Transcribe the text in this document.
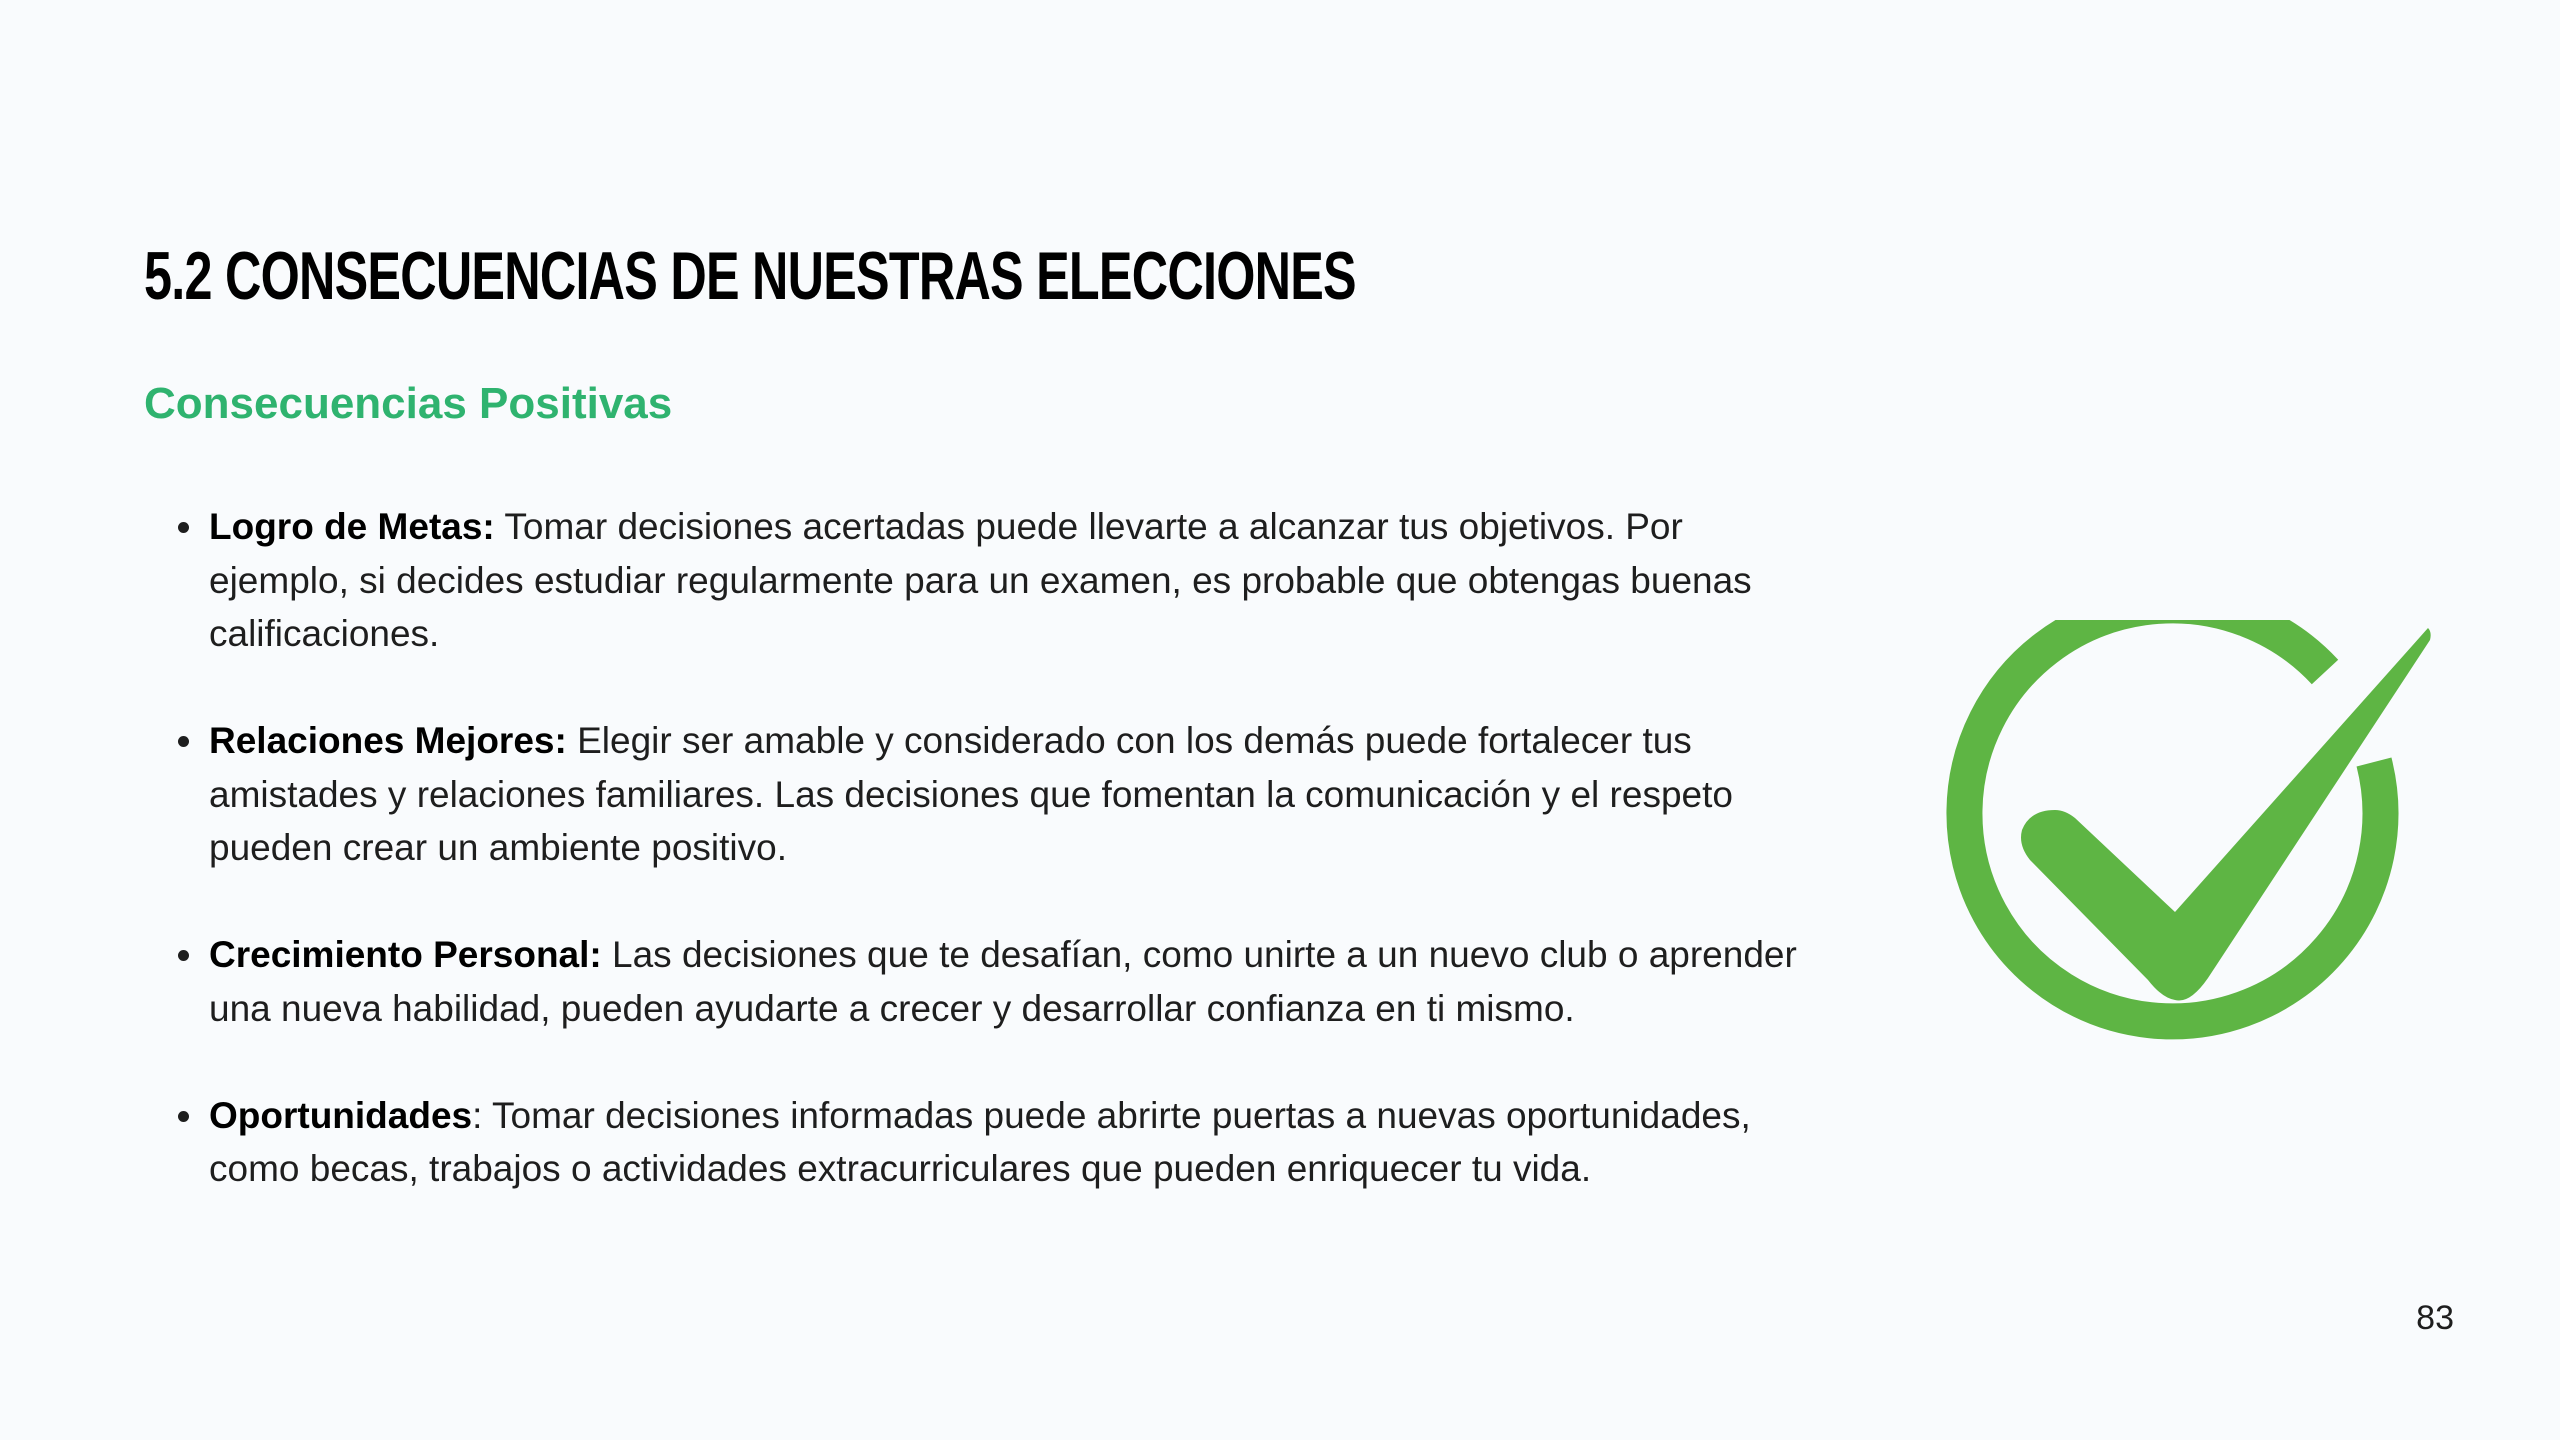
5.2 CONSECUENCIAS DE NUESTRAS ELECCIONES
Consecuencias Positivas
Logro de Metas: Tomar decisiones acertadas puede llevarte a alcanzar tus objetivos. Por ejemplo, si decides estudiar regularmente para un examen, es probable que obtengas buenas calificaciones.
Relaciones Mejores: Elegir ser amable y considerado con los demás puede fortalecer tus amistades y relaciones familiares. Las decisiones que fomentan la comunicación y el respeto pueden crear un ambiente positivo.
Crecimiento Personal: Las decisiones que te desafían, como unirte a un nuevo club o aprender una nueva habilidad, pueden ayudarte a crecer y desarrollar confianza en ti mismo.
Oportunidades: Tomar decisiones informadas puede abrirte puertas a nuevas oportunidades, como becas, trabajos o actividades extracurriculares que pueden enriquecer tu vida.
83
